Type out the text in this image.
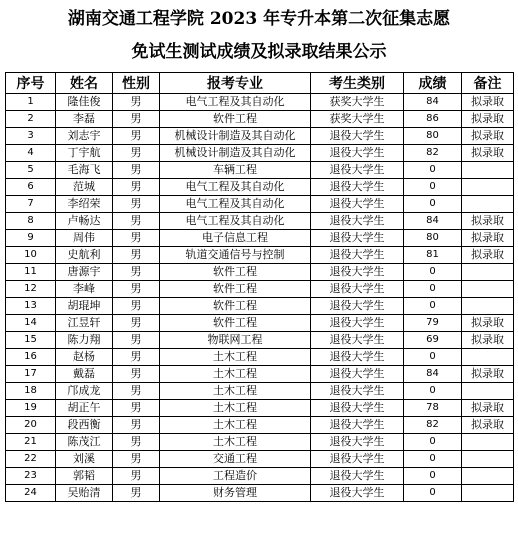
湖南交通工程学院 2023 年专升本第二次征集志愿
免试生测试成绩及拟录取结果公示
序号	姓名	性别	报考专业	考生类别	成绩	备注
1	隆佳俊	男	电气工程及其自动化	获奖大学生	84	拟录取
2	李磊	男	软件工程	获奖大学生	86	拟录取
3	刘志宇	男	机械设计制造及其自动化	退役大学生	80	拟录取
4	丁宇航	男	机械设计制造及其自动化	退役大学生	82	拟录取
5	毛海飞	男	车辆工程	退役大学生	0	
6	范城	男	电气工程及其自动化	退役大学生	0	
7	李绍荣	男	电气工程及其自动化	退役大学生	0	
8	卢畅达	男	电气工程及其自动化	退役大学生	84	拟录取
9	周伟	男	电子信息工程	退役大学生	80	拟录取
10	史航利	男	轨道交通信号与控制	退役大学生	81	拟录取
11	唐源宇	男	软件工程	退役大学生	0	
12	李峰	男	软件工程	退役大学生	0	
13	胡琨坤	男	软件工程	退役大学生	0	
14	江昱轩	男	软件工程	退役大学生	79	拟录取
15	陈力翔	男	物联网工程	退役大学生	69	拟录取
16	赵杨	男	土木工程	退役大学生	0	
17	戴磊	男	土木工程	退役大学生	84	拟录取
18	邝成龙	男	土木工程	退役大学生	0	
19	胡正午	男	土木工程	退役大学生	78	拟录取
20	段西衡	男	土木工程	退役大学生	82	拟录取
21	陈茂江	男	土木工程	退役大学生	0	
22	刘溪	男	交通工程	退役大学生	0	
23	郭韬	男	工程造价	退役大学生	0	
24	吴贻清	男	财务管理	退役大学生	0	
